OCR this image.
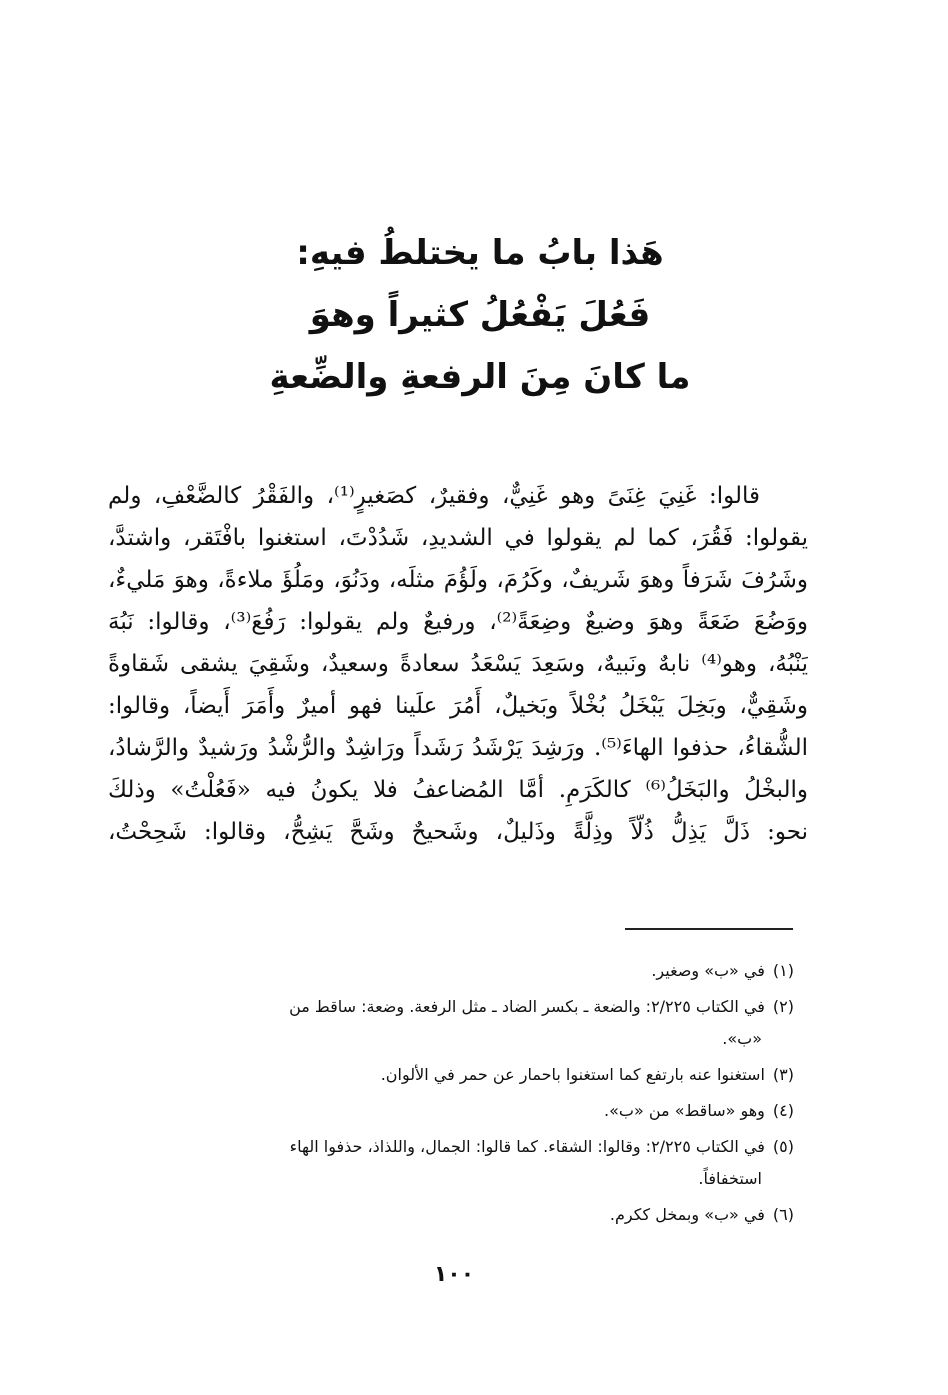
هَذا بابُ ما يختلطُ فيهِ:
فَعُلَ يَفْعُلُ كثيراً وهوَ
ما كانَ مِنَ الرفعةِ والضِّعةِ
قالوا: غَنِيَ غِنَىً وهو غَنِيٌّ، وفقيرٌ، كصَغيرٍ⁽¹⁾، والفَقْرُ كالضَّعْفِ، ولم
يقولوا: فَقُرَ، كما لم يقولوا في الشديدِ، شَدُدْتَ، استغنوا بافْتَقر، واشتدَّ،
وشَرُفَ شَرَفاً وهوَ شَريفٌ، وكَرُمَ، ولَؤُمَ مثلَه، ودَنُوَ، ومَلُؤَ ملاءةً، وهوَ مَليءٌ،
ووَضُعَ ضَعَةً وهوَ وضيعٌ وضِعَةً⁽²⁾، ورفيعٌ ولم يقولوا: رَفُعَ⁽³⁾، وقالوا: نَبُهَ
يَنْبُهُ، وهو⁽⁴⁾ نابهٌ ونَبيهٌ، وسَعِدَ يَسْعَدُ سعادةً وسعيدٌ، وشَقِيَ يشقى شَقاوةً
وشَقِيٌّ، وبَخِلَ يَبْخَلُ بُخْلاً وبَخيلٌ، أَمُرَ علَينا فهو أميرٌ وأَمَرَ أَيضاً، وقالوا:
الشُّقاءُ، حذفوا الهاءَ⁽⁵⁾. ورَشِدَ يَرْشَدُ رَشَداً ورَاشِدٌ والرُّشْدُ ورَشيدٌ والرَّشادُ،
والبخْلُ والبَخَلُ⁽⁶⁾ كالكَرَمِ. أمَّا المُضاعفُ فلا يكونُ فيه «فَعُلْتُ» وذلكَ
نحو: ذَلَّ يَذِلُّ ذُلّاً وذِلَّةً وذَليلٌ، وشَحيحٌ وشَحَّ يَشِحُّ، وقالوا: شَحِحْتُ،
(١)في «ب» وصغير.
(٢)في الكتاب ٢/٢٢٥: والضعة ـ بكسر الضاد ـ مثل الرفعة. وضعة: ساقط من
«ب».
(٣)استغنوا عنه بارتفع كما استغنوا باحمار عن حمر في الألوان.
(٤)وهو «ساقط» من «ب».
(٥)في الكتاب ٢/٢٢٥: وقالوا: الشقاء. كما قالوا: الجمال، واللذاذ، حذفوا الهاء
استخفافاً.
(٦)في «ب» وبمخل ككرم.
١٠٠
